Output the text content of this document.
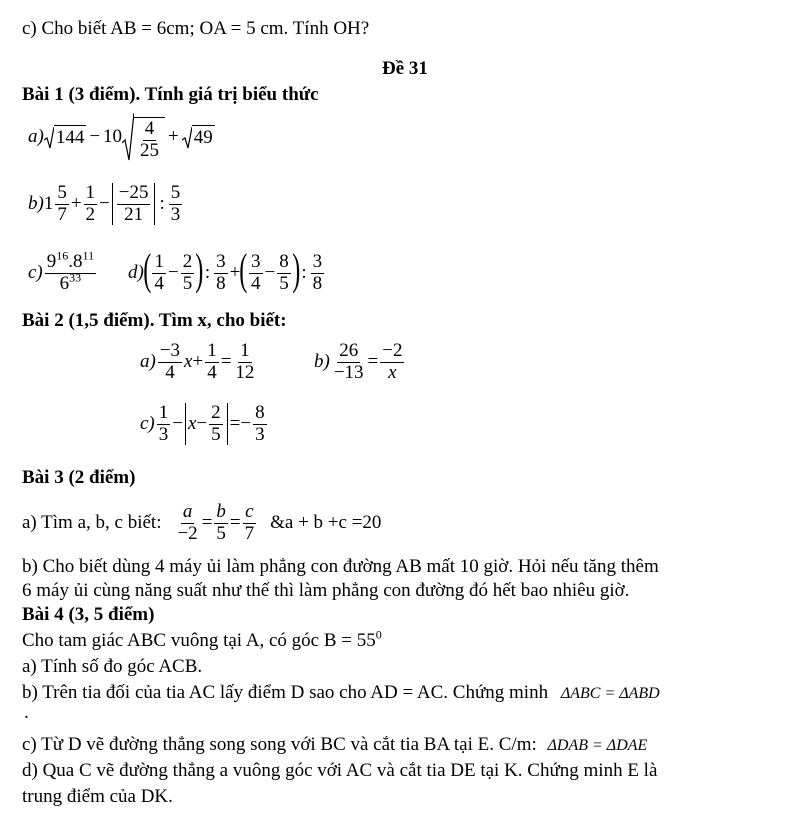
c) Cho biết AB = 6cm; OA = 5 cm. Tính OH?
Đề 31
Bài 1 (3 điểm). Tính giá trị biểu thức
a) $144 - 10 \frac{4}{25} + 49$
b) $1 \frac{5}{7} + \frac{1}{2} - \frac{-25}{21}$ : $\frac{5}{3}$
$c) \frac{9^{16}.8^{11}}{6^{33}} d$) ( $\frac{1}{4} - \frac{2}{5}$ ) : $\frac{3}{8}$ + ( $\frac{3}{4} - \frac{8}{5}$ ) : $\frac{3}{8}$
Bài 2 (1,5 điểm). Tìm x, cho biết:
$a) \frac{-3}{4}$ $x + \frac{1}{4} = \frac{1}{12}$	$b) \frac{26}{-13} = \frac{-2}{x}$
$c) \frac{1}{3} - x - \frac{2}{5}$ = − $\frac{8}{3}$
Bài 3 (2 điểm)
a) Tìm a, b, c biết: $\frac{a}{-2} = \frac{b}{5} = \frac{c}{7}$ &a + b +c =20
b) Cho biết dùng 4 máy ủi làm phẳng con đường AB mất 10 giờ. Hỏi nếu tăng thêm
6 máy ủi cùng năng suất như thế thì làm phẳng con đường đó hết bao nhiêu giờ.
Bài 4 (3, 5 điểm)
Cho tam giác ABC vuông tại A, có góc $B = 55^0$
a) Tính số đo góc ACB.
b) Trên tia đối của tia AC lấy điểm D sao cho AD = AC. Chứng minh ΔABC = ΔABD
.
c) Từ D vẽ đường thẳng song song với BC và cắt tia BA tại E. C/m: ΔDAB = ΔDAE
d) Qua C vẽ đường thẳng a vuông góc với AC và cắt tia DE tại K. Chứng minh E là
trung điểm của DK.
